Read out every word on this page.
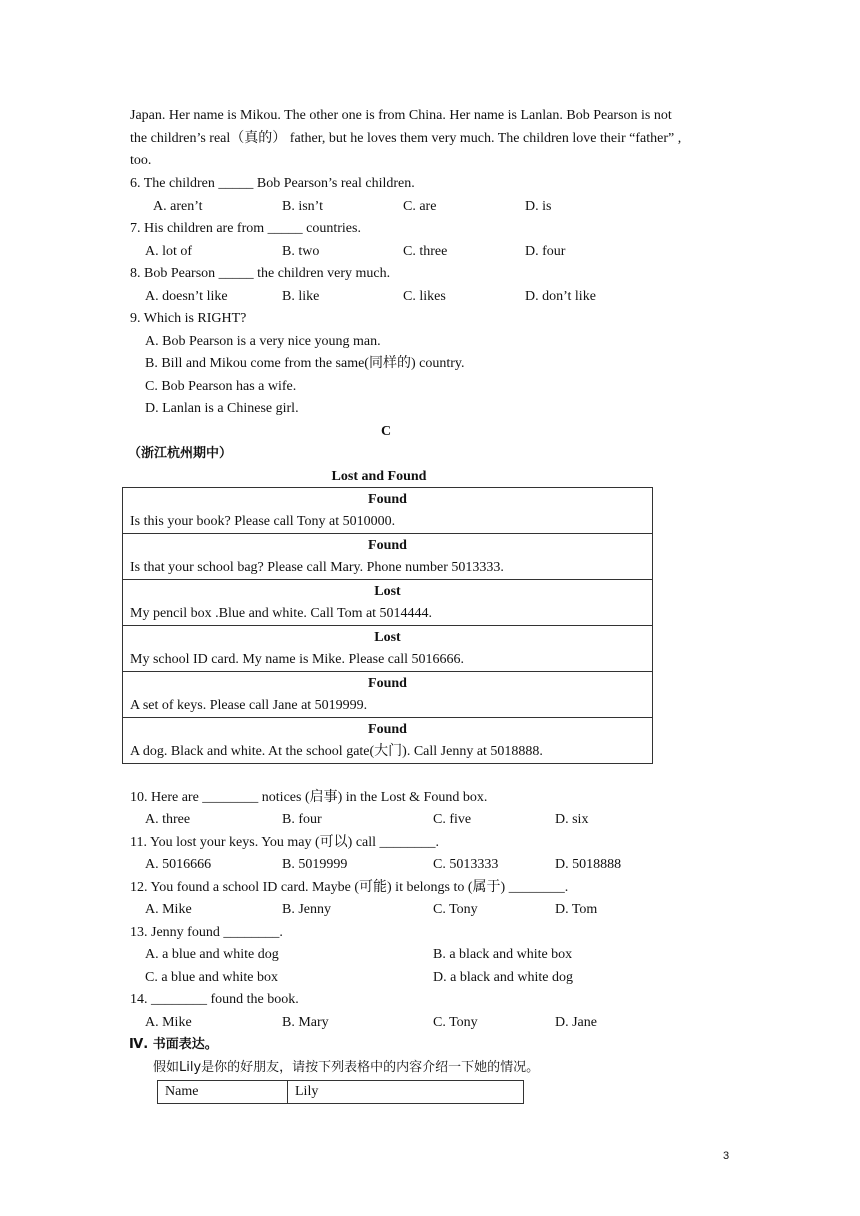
Japan. Her name is Mikou. The other one is from China. Her name is Lanlan. Bob Pearson is not
the children’s real（真的） father, but he loves them very much. The children love their “father” ,
too.
6. The children _____ Bob Pearson’s real children.
A. aren’t	B. isn’t	C. are	D. is
7. His children are from _____ countries.
A. lot of	B. two	C. three	D. four
8. Bob Pearson _____ the children very much.
A. doesn’t like	B. like	C. likes	D. don’t like
9. Which is RIGHT?
A. Bob Pearson is a very nice young man.
B. Bill and Mikou come from the same(同样的) country.
C. Bob Pearson has a wife.
D. Lanlan is a Chinese girl.
C
（浙江杭州期中）
Lost and Found
Found
Is this your book? Please call Tony at 5010000.

Found
Is that your school bag? Please call Mary. Phone number 5013333.

Lost
My pencil box .Blue and white. Call Tom at 5014444.

Lost
My school ID card. My name is Mike. Please call 5016666.

Found
A set of keys. Please call Jane at 5019999.

Found
A dog. Black and white. At the school gate(大门). Call Jenny at 5018888.
10. Here are ________ notices (启事) in the Lost & Found box.
A. three	B. four	C. five	D. six
11. You lost your keys. You may (可以) call ________.
A. 5016666	B. 5019999	C. 5013333	D. 5018888
12. You found a school ID card. Maybe (可能) it belongs to (属于) ________.
A. Mike	B. Jenny	C. Tony	D. Tom
13. Jenny found ________.
A. a blue and white dog	B. a black and white box
C. a blue and white box	D. a black and white dog
14. ________ found the book.
A. Mike	B. Mary	C. Tony	D. Jane
Ⅳ. 书面表达。
假如Lily是你的好朋友，请按下列表格中的内容介绍一下她的情况。
Name	Lily
3
